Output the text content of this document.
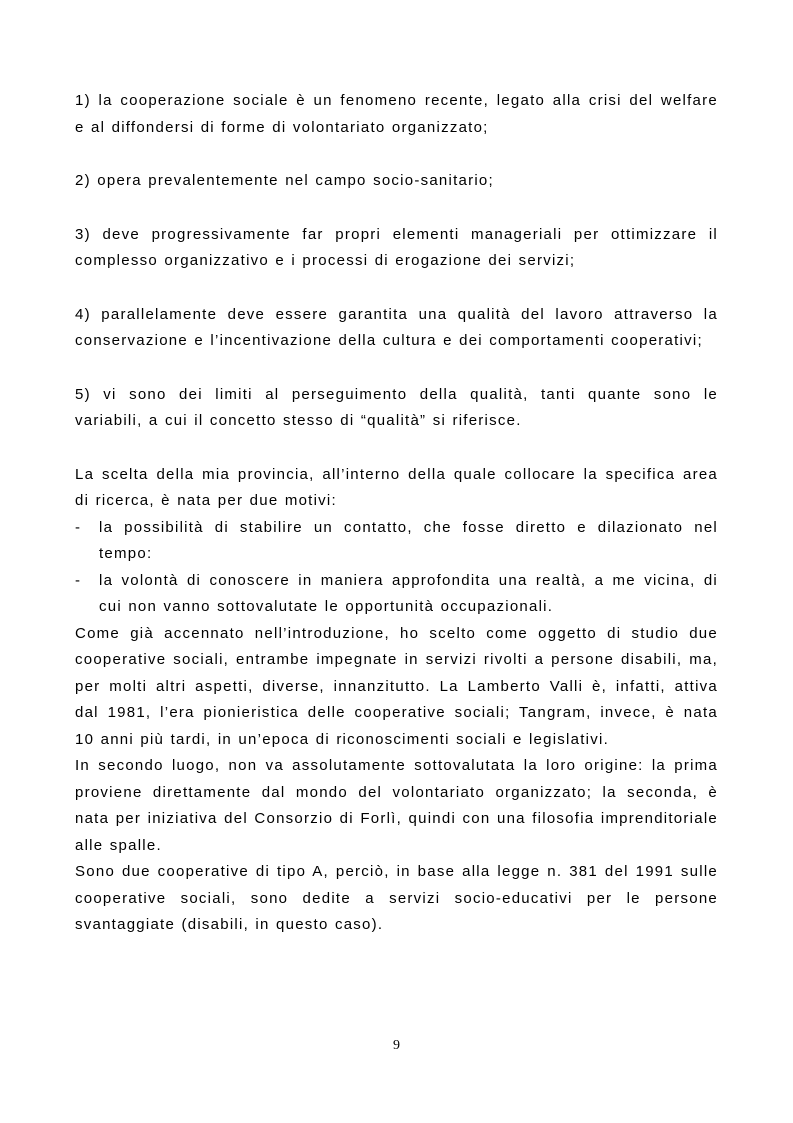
1) la cooperazione sociale è un fenomeno recente, legato alla crisi del welfare e al diffondersi di forme di volontariato organizzato;

2) opera prevalentemente nel campo socio-sanitario;

3) deve progressivamente far propri elementi manageriali per ottimizzare il complesso organizzativo e i processi di erogazione dei servizi;

4) parallelamente deve essere garantita una qualità del lavoro attraverso la conservazione e l’incentivazione della cultura e dei comportamenti cooperativi;

5) vi sono dei limiti al perseguimento della qualità, tanti quante sono le variabili, a cui il concetto stesso di “qualità” si riferisce.

La scelta della mia provincia, all’interno della quale collocare la specifica area di ricerca, è nata per due motivi:

- la possibilità di stabilire un contatto, che fosse diretto e dilazionato nel tempo:
- la volontà di conoscere in maniera approfondita una realtà, a me vicina, di cui non vanno sottovalutate le opportunità occupazionali.

Come già accennato nell’introduzione, ho scelto come oggetto di studio due cooperative sociali, entrambe impegnate in servizi rivolti a persone disabili, ma, per molti altri aspetti, diverse, innanzitutto. La Lamberto Valli è, infatti, attiva dal 1981, l’era pionieristica delle cooperative sociali; Tangram, invece, è nata 10 anni più tardi, in un’epoca di riconoscimenti sociali e legislativi.

In secondo luogo, non va assolutamente sottovalutata la loro origine: la prima proviene direttamente dal mondo del volontariato organizzato; la seconda, è nata per iniziativa del Consorzio di Forlì, quindi con una filosofia imprenditoriale alle spalle.

Sono due cooperative di tipo A, perciò, in base alla legge n. 381 del 1991 sulle cooperative sociali, sono dedite a servizi socio-educativi per le persone svantaggiate (disabili, in questo caso).

9
